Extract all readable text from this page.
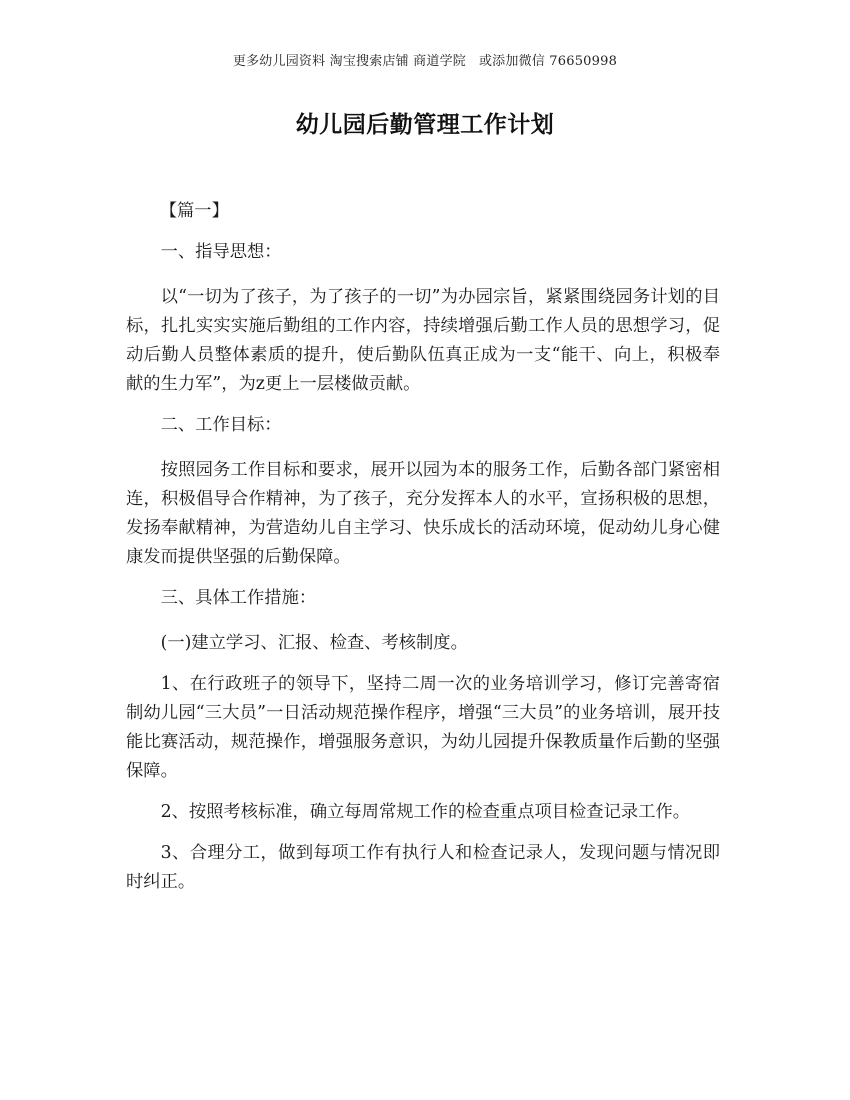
更多幼儿园资料 淘宝搜索店铺 商道学院   或添加微信 76650998
幼儿园后勤管理工作计划

【篇一】

一、指导思想：

以“一切为了孩子，为了孩子的一切”为办园宗旨，紧紧围绕园务计划的目标，扎扎实实实施后勤组的工作内容，持续增强后勤工作人员的思想学习，促动后勤人员整体素质的提升，使后勤队伍真正成为一支“能干、向上，积极奉献的生力军”，为z更上一层楼做贡献。

二、工作目标：

按照园务工作目标和要求，展开以园为本的服务工作，后勤各部门紧密相连，积极倡导合作精神，为了孩子，充分发挥本人的水平，宣扬积极的思想，发扬奉献精神，为营造幼儿自主学习、快乐成长的活动环境，促动幼儿身心健康发而提供坚强的后勤保障。

三、具体工作措施：

(一)建立学习、汇报、检查、考核制度。

1、在行政班子的领导下，坚持二周一次的业务培训学习，修订完善寄宿制幼儿园“三大员”一日活动规范操作程序，增强“三大员”的业务培训，展开技能比赛活动，规范操作，增强服务意识，为幼儿园提升保教质量作后勤的坚强保障。

2、按照考核标准，确立每周常规工作的检查重点项目检查记录工作。

3、合理分工，做到每项工作有执行人和检查记录人，发现问题与情况即时纠正。
